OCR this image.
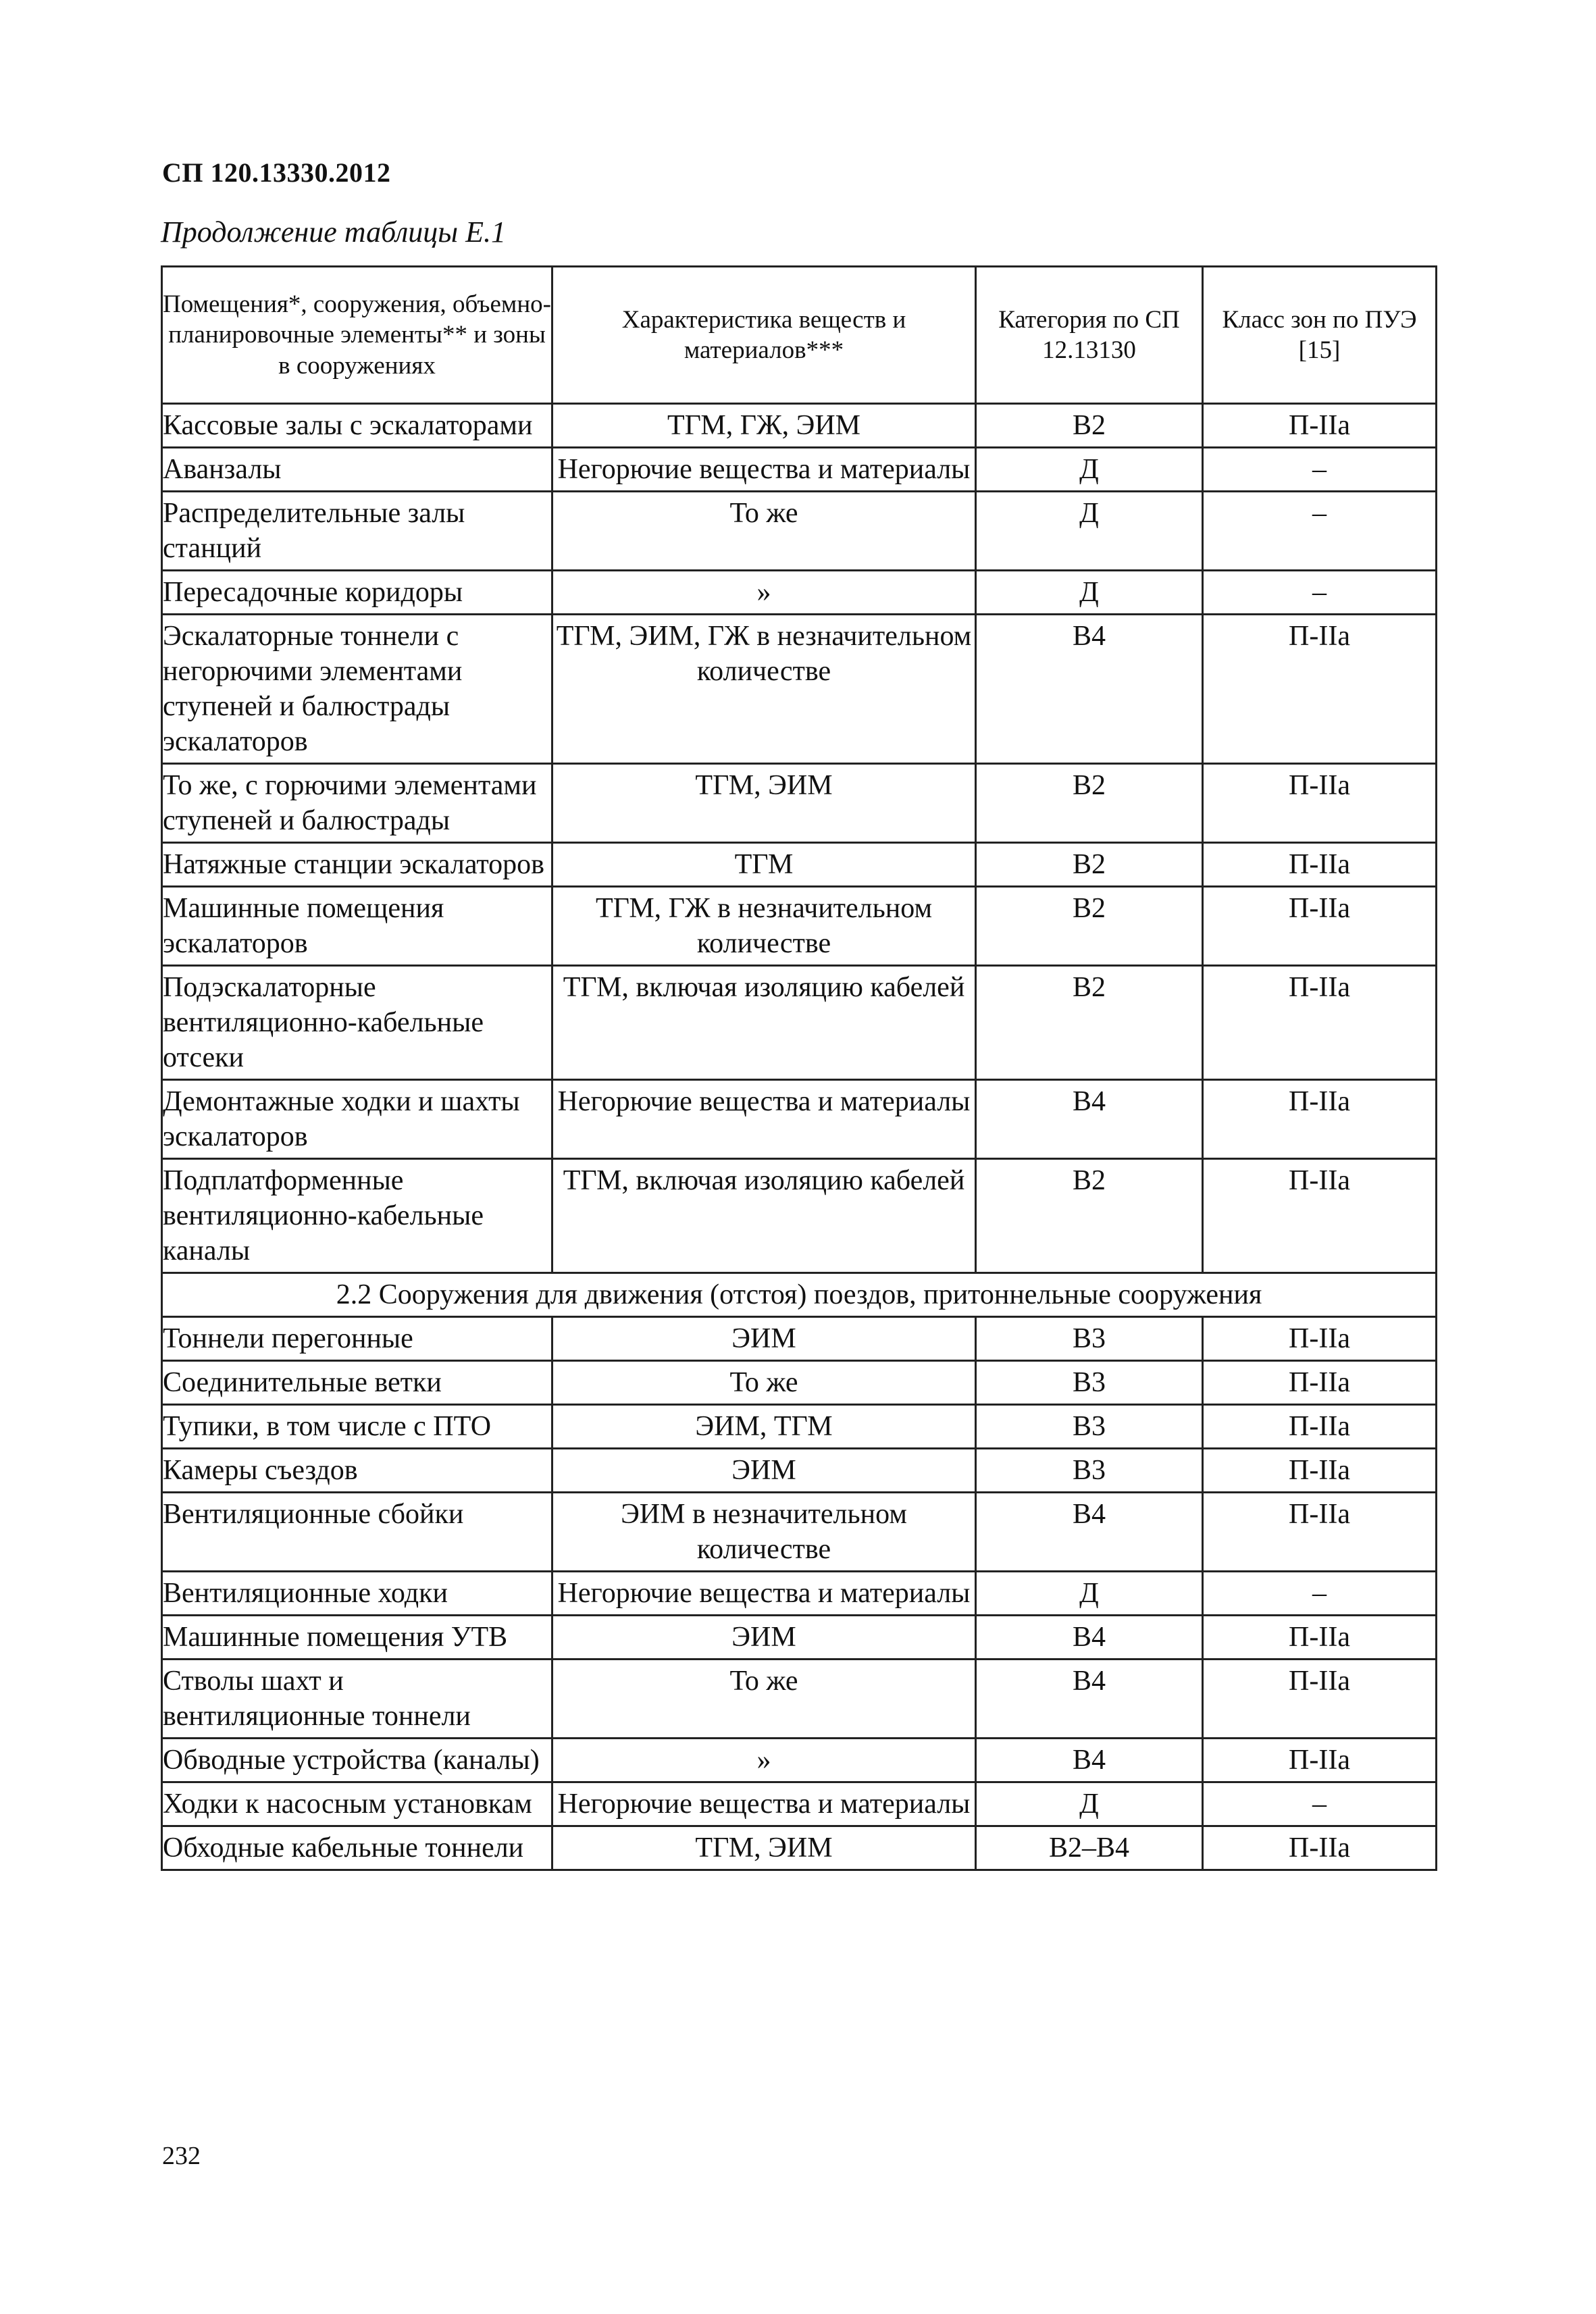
СП 120.13330.2012
Продолжение таблицы Е.1
Помещения*, сооружения, объемно-планировочные элементы** и зоны в сооружениях	Характеристика веществ и материалов***	Категория по СП 12.13130	Класс зон по ПУЭ [15]
Кассовые залы с эскалаторами	ТГМ, ГЖ, ЭИМ	В2	П-IIа
Аванзалы	Негорючие вещества и материалы	Д	–
Распределительные залы станций	То же	Д	–
Пересадочные коридоры	»	Д	–
Эскалаторные тоннели с негорючими элементами ступеней и балюстрады эскалаторов	ТГМ, ЭИМ, ГЖ в незначительном количестве	В4	П-IIа
То же, с горючими элементами ступеней и балюстрады	ТГМ, ЭИМ	В2	П-IIа
Натяжные станции эскалаторов	ТГМ	В2	П-IIа
Машинные помещения эскалаторов	ТГМ, ГЖ в незначительном количестве	В2	П-IIа
Подэскалаторные вентиляционно-кабельные отсеки	ТГМ, включая изоляцию кабелей	В2	П-IIа
Демонтажные ходки и шахты эскалаторов	Негорючие вещества и материалы	В4	П-IIа
Подплатформенные вентиляционно-кабельные каналы	ТГМ, включая изоляцию кабелей	В2	П-IIа
2.2 Сооружения для движения (отстоя) поездов, притоннельные сооружения			
Тоннели перегонные	ЭИМ	В3	П-IIа
Соединительные ветки	То же	В3	П-IIа
Тупики, в том числе с ПТО	ЭИМ, ТГМ	В3	П-IIа
Камеры съездов	ЭИМ	В3	П-IIа
Вентиляционные сбойки	ЭИМ в незначительном количестве	В4	П-IIа
Вентиляционные ходки	Негорючие вещества и материалы	Д	–
Машинные помещения УТВ	ЭИМ	В4	П-IIа
Стволы шахт и вентиляционные тоннели	То же	В4	П-IIа
Обводные устройства (каналы)	»	В4	П-IIа
Ходки к насосным установкам	Негорючие вещества и материалы	Д	–
Обходные кабельные тоннели	ТГМ, ЭИМ	В2–В4	П-IIа
232
